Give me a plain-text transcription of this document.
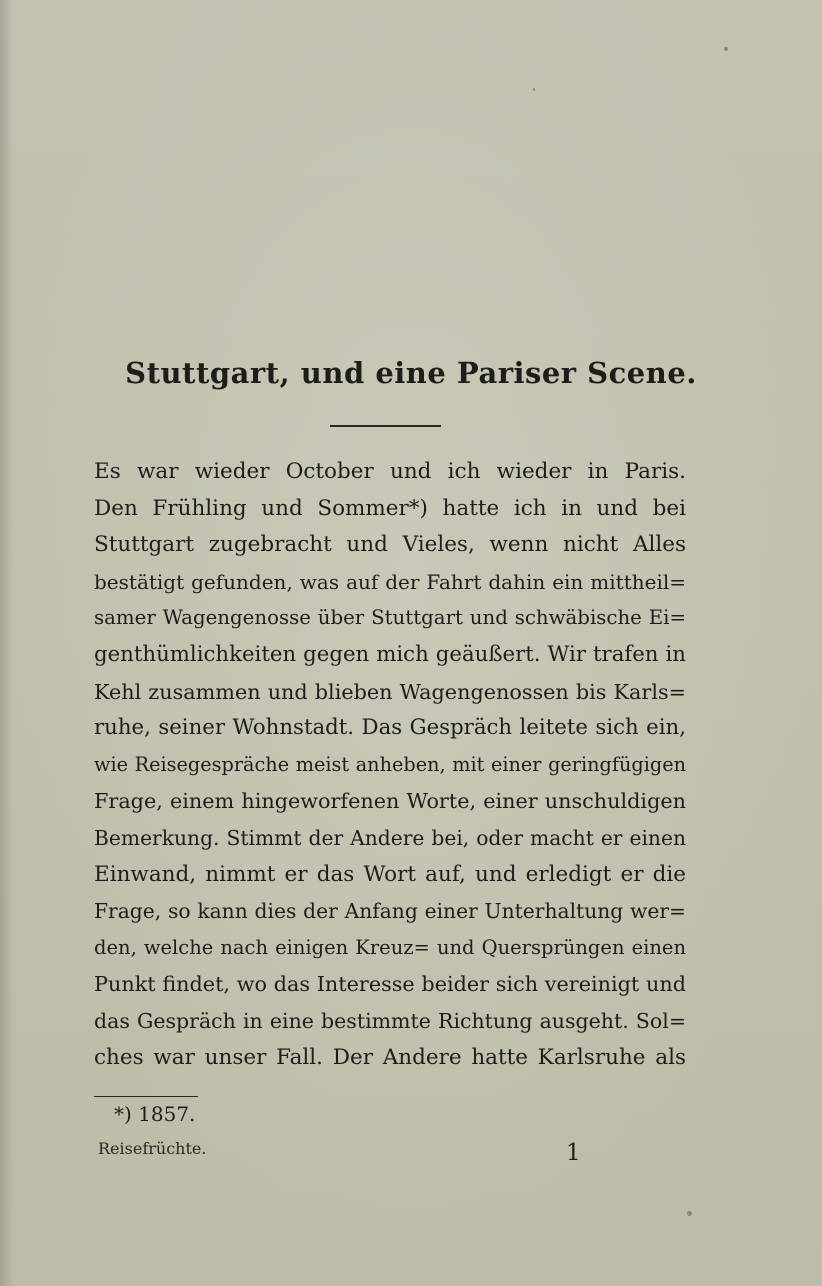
Stuttgart, und eine Pariser Scene.
Es war wieder October und ich wieder in Paris.
Den Frühling und Sommer*) hatte ich in und bei
Stuttgart zugebracht und Vieles, wenn nicht Alles
bestätigt gefunden, was auf der Fahrt dahin ein mittheil=
samer Wagengenosse über Stuttgart und schwäbische Ei=
genthümlichkeiten gegen mich geäußert. Wir trafen in
Kehl zusammen und blieben Wagengenossen bis Karls=
ruhe, seiner Wohnstadt. Das Gespräch leitete sich ein,
wie Reisegespräche meist anheben, mit einer geringfügigen
Frage, einem hingeworfenen Worte, einer unschuldigen
Bemerkung. Stimmt der Andere bei, oder macht er einen
Einwand, nimmt er das Wort auf, und erledigt er die
Frage, so kann dies der Anfang einer Unterhaltung wer=
den, welche nach einigen Kreuz= und Quersprüngen einen
Punkt findet, wo das Interesse beider sich vereinigt und
das Gespräch in eine bestimmte Richtung ausgeht. Sol=
ches war unser Fall. Der Andere hatte Karlsruhe als
*) 1857.
Reisefrüchte.	1
